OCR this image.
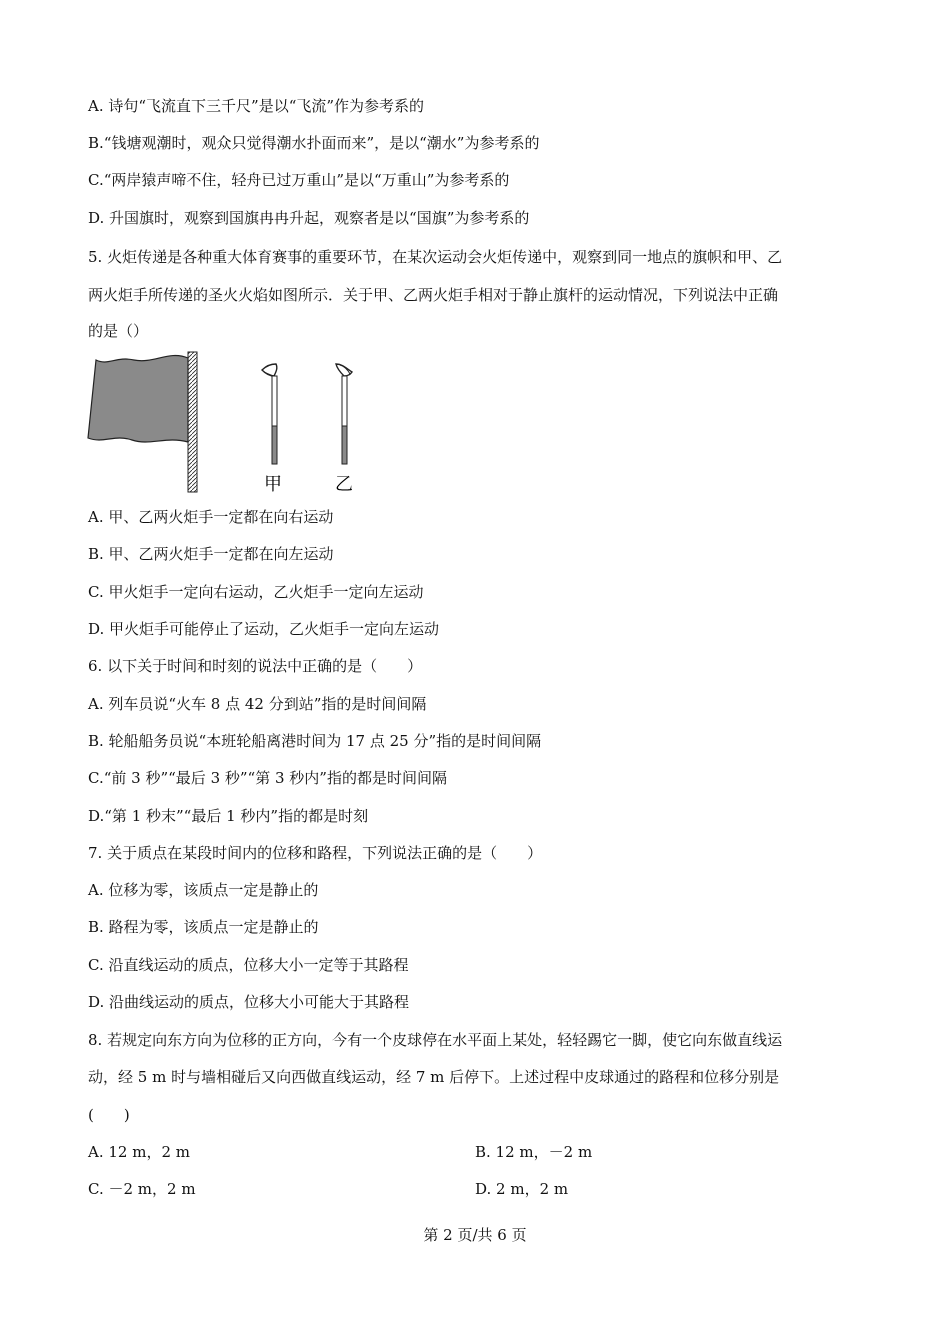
A. 诗句“飞流直下三千尺”是以“飞流”作为参考系的
B.“钱塘观潮时，观众只觉得潮水扑面而来”，是以“潮水”为参考系的
C.“两岸猿声啼不住，轻舟已过万重山”是以“万重山”为参考系的
D. 升国旗时，观察到国旗冉冉升起，观察者是以“国旗”为参考系的
5. 火炬传递是各种重大体育赛事的重要环节，在某次运动会火炬传递中，观察到同一地点的旗帜和甲、乙
两火炬手所传递的圣火火焰如图所示．关于甲、乙两火炬手相对于静止旗杆的运动情况，下列说法中正确
的是（）
甲	乙
A. 甲、乙两火炬手一定都在向右运动
B. 甲、乙两火炬手一定都在向左运动
C. 甲火炬手一定向右运动，乙火炬手一定向左运动
D. 甲火炬手可能停止了运动，乙火炬手一定向左运动
6. 以下关于时间和时刻的说法中正确的是（　　）
A. 列车员说“火车 8 点 42 分到站”指的是时间间隔
B. 轮船船务员说“本班轮船离港时间为 17 点 25 分”指的是时间间隔
C.“前 3 秒”“最后 3 秒”“第 3 秒内”指的都是时间间隔
D.“第 1 秒末”“最后 1 秒内”指的都是时刻
7. 关于质点在某段时间内的位移和路程，下列说法正确的是（　　）
A. 位移为零，该质点一定是静止的
B. 路程为零，该质点一定是静止的
C. 沿直线运动的质点，位移大小一定等于其路程
D. 沿曲线运动的质点，位移大小可能大于其路程
8. 若规定向东方向为位移的正方向，今有一个皮球停在水平面上某处，轻轻踢它一脚，使它向东做直线运
动，经 5 m 时与墙相碰后又向西做直线运动，经 7 m 后停下。上述过程中皮球通过的路程和位移分别是
(　　)
A. 12 m，2 m	B. 12 m，－2 m
C. －2 m，2 m	D. 2 m，2 m
第 2 页/共 6 页
